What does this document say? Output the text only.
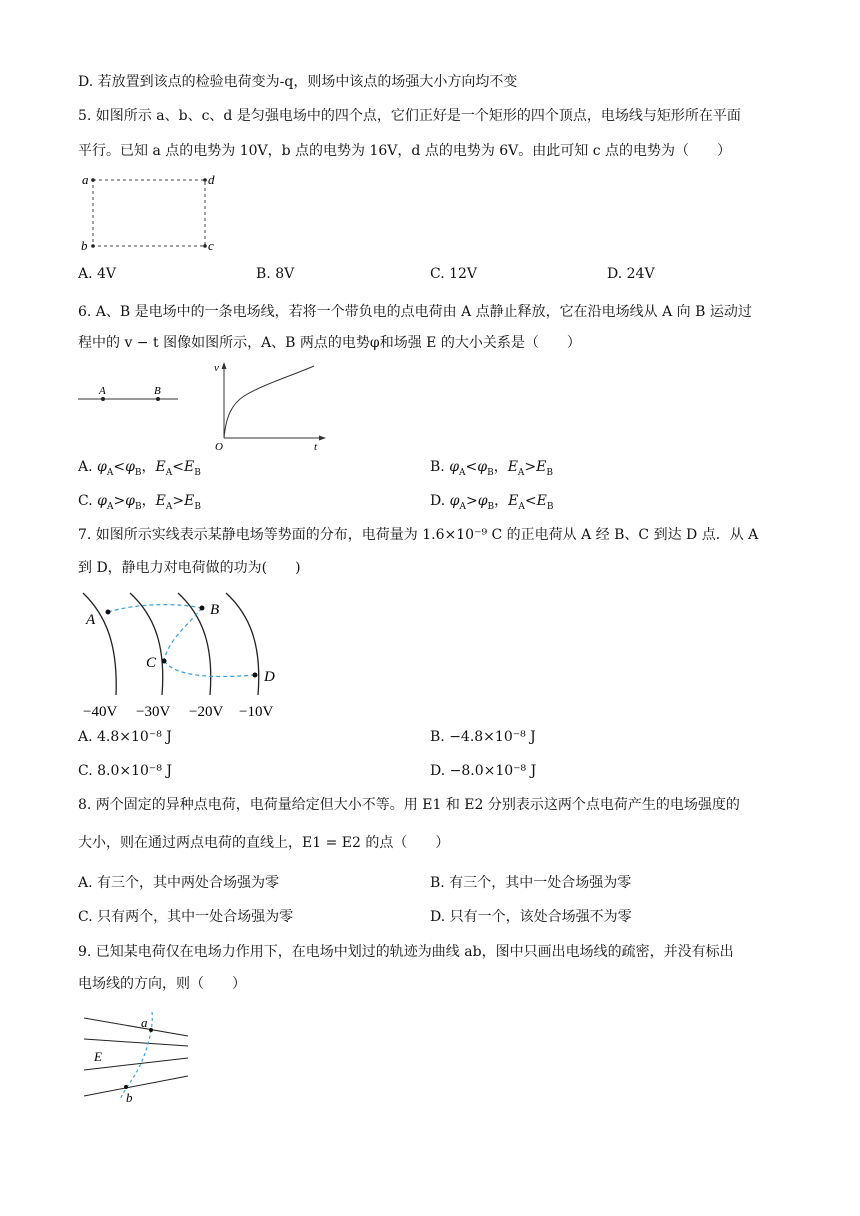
D. 若放置到该点的检验电荷变为-q，则场中该点的场强大小方向均不变
5. 如图所示 a、b、c、d 是匀强电场中的四个点，它们正好是一个矩形的四个顶点，电场线与矩形所在平面
平行。已知 a 点的电势为 10V，b 点的电势为 16V，d 点的电势为 6V。由此可知 c 点的电势为（　　）
a	d
b	c
A. 4V	B. 8V	C. 12V	D. 24V
6. A、B 是电场中的一条电场线，若将一个带负电的点电荷由 A 点静止释放，它在沿电场线从 A 向 B 运动过
程中的 v − t 图像如图所示，A、B 两点的电势φ和场强 E 的大小关系是（　　）
A	B
v
O	t
A. $\varphi_A<\varphi_B$，$E_A<E_B$	B. $\varphi_A<\varphi_B$，$E_A>E_B$
C. $\varphi_A>\varphi_B$，$E_A>E_B$	D. $\varphi_A>\varphi_B$，$E_A<E_B$
7. 如图所示实线表示某静电场等势面的分布，电荷量为 1.6×10⁻⁹ C 的正电荷从 A 经 B、C 到达 D 点．从 A
到 D，静电力对电荷做的功为(　　)
A
B
C
D
−40V −30V −20V −10V
A. 4.8×10⁻⁸ J	B. −4.8×10⁻⁸ J
C. 8.0×10⁻⁸ J	D. −8.0×10⁻⁸ J
8. 两个固定的异种点电荷，电荷量给定但大小不等。用 E1 和 E2 分别表示这两个点电荷产生的电场强度的
大小，则在通过两点电荷的直线上，E1 = E2 的点（　　）
A. 有三个，其中两处合场强为零	B. 有三个，其中一处合场强为零
C. 只有两个，其中一处合场强为零	D. 只有一个，该处合场强不为零
9. 已知某电荷仅在电场力作用下，在电场中划过的轨迹为曲线 ab，图中只画出电场线的疏密，并没有标出
电场线的方向，则（　　）
a
E
b
